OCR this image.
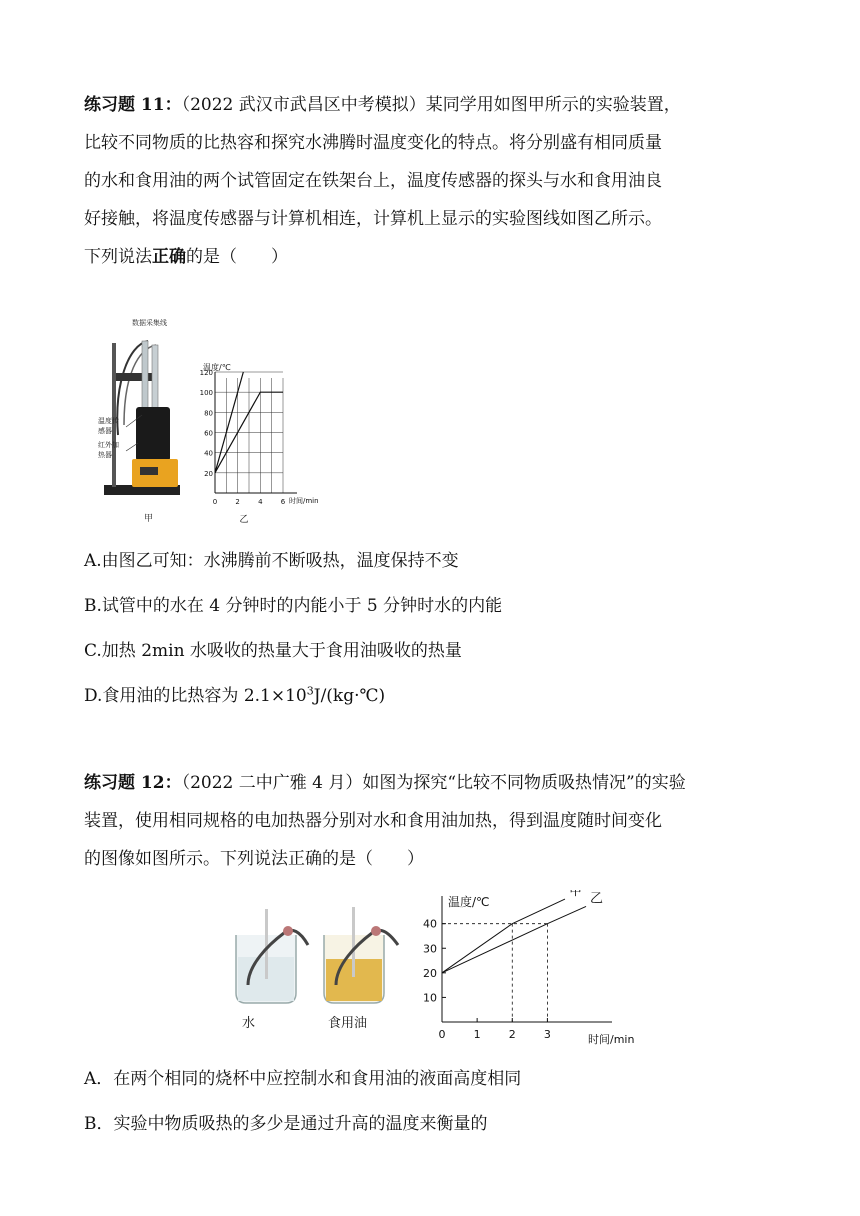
练习题 11：（2022 武汉市武昌区中考模拟）某同学用如图甲所示的实验装置，
比较不同物质的比热容和探究水沸腾时温度变化的特点。将分别盛有相同质量
的水和食用油的两个试管固定在铁架台上，温度传感器的探头与水和食用油良
好接触，将温度传感器与计算机相连，计算机上显示的实验图线如图乙所示。
下列说法正确的是（　　）
数据采集线
温度传
感器
红外加
热器
甲
温度/℃
20
40
60
80
100
120
0	2	4	6 时间/min
乙
A.由图乙可知：水沸腾前不断吸热，温度保持不变
B.试管中的水在 4 分钟时的内能小于 5 分钟时水的内能
C.加热 2min 水吸收的热量大于食用油吸收的热量
D.食用油的比热容为 $2.1\times 10^3J/(kg\cdot℃)$
练习题 12：（2022 二中广雅 4 月）如图为探究“比较不同物质吸热情况”的实验
装置，使用相同规格的电加热器分别对水和食用油加热，得到温度随时间变化
的图像如图所示。下列说法正确的是（　　）
水	食用油
温度/℃
时间/min
10
20
30
40
0	1	2	3
甲 乙
A．在两个相同的烧杯中应控制水和食用油的液面高度相同
B．实验中物质吸热的多少是通过升高的温度来衡量的
